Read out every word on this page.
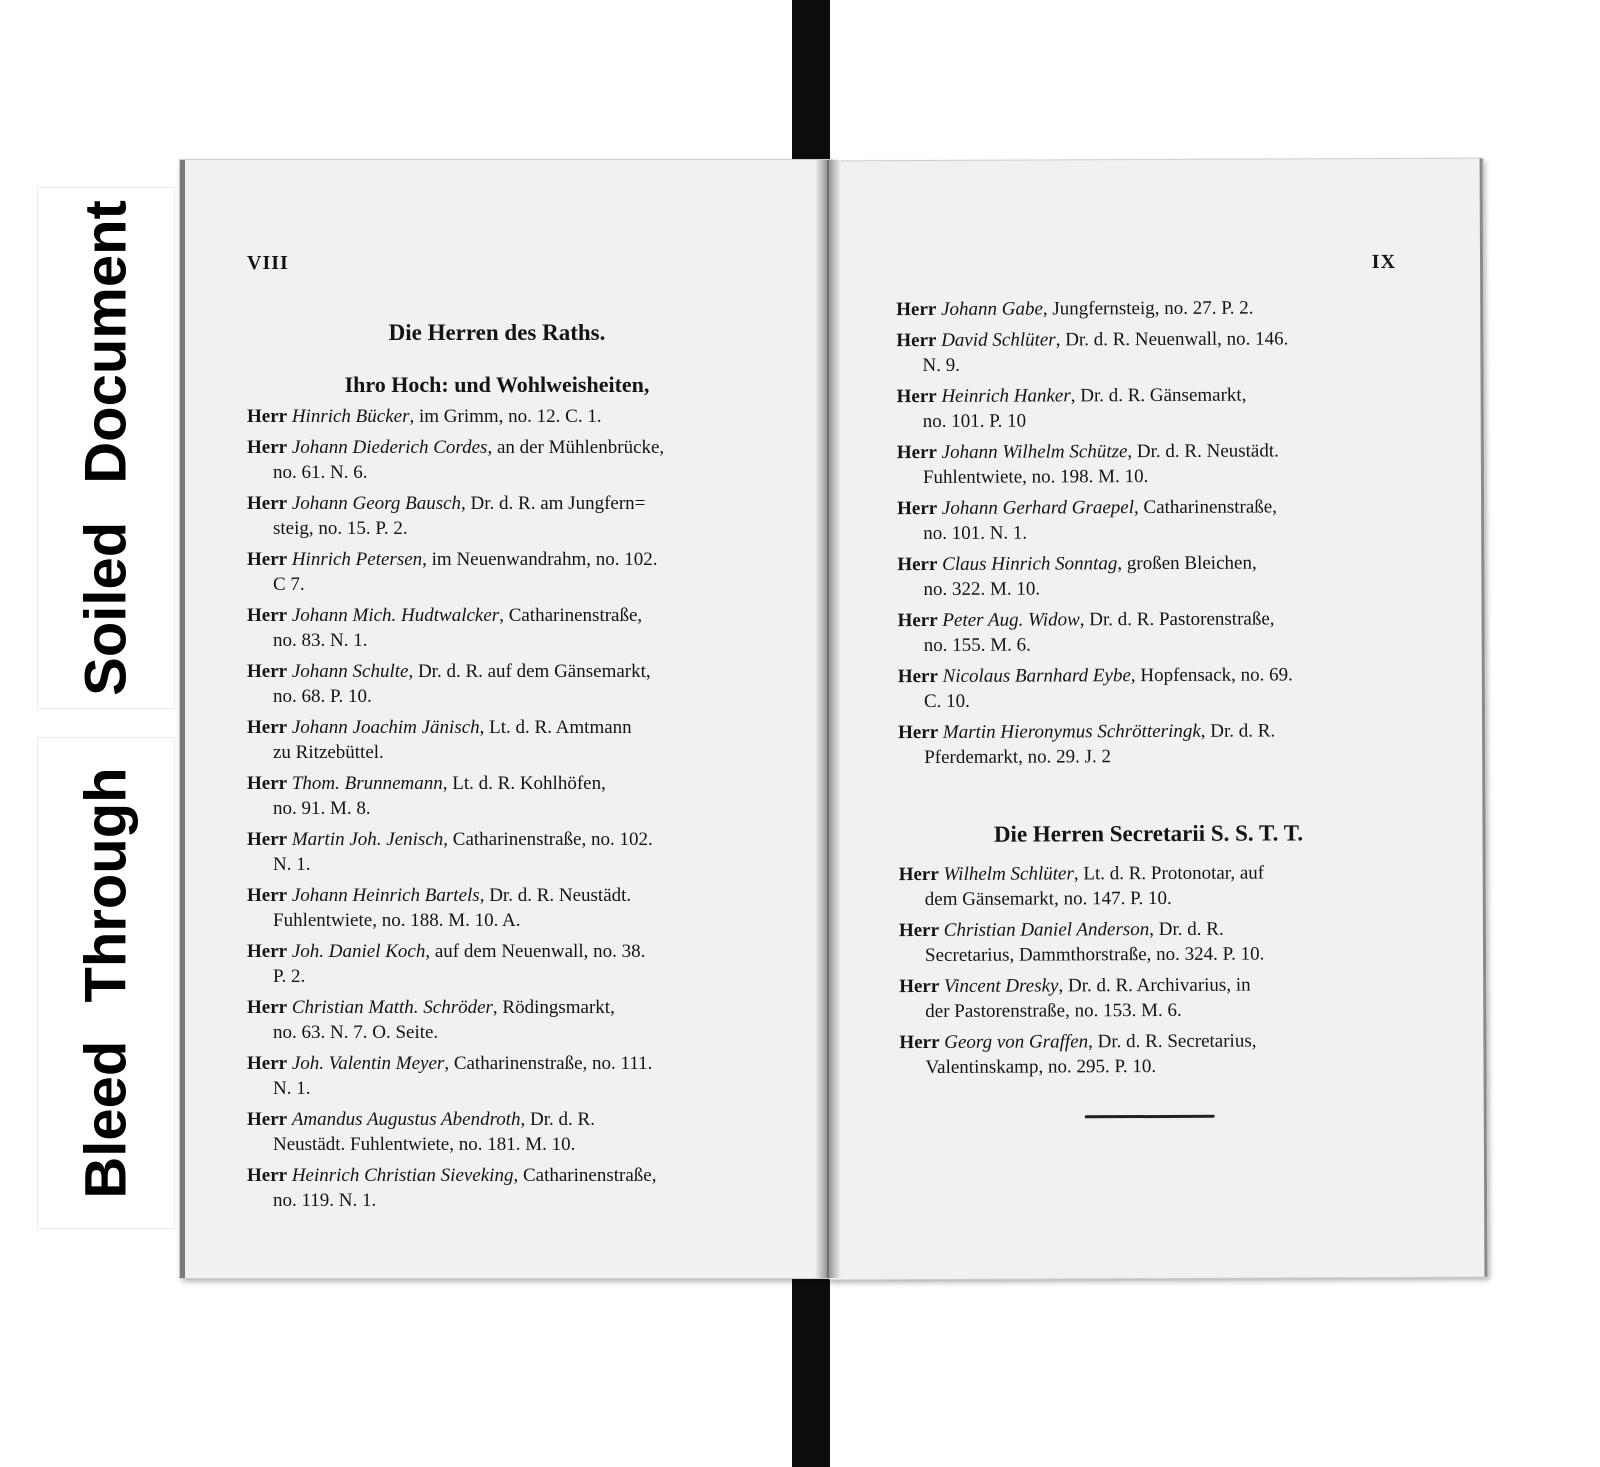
Soiled Document
Bleed Through
VIII
Die Herren des Raths.
Ihro Hoch: und Wohlweisheiten,
Herr Hinrich Bücker, im Grimm, no. 12. C. 1.
Herr Johann Diederich Cordes, an der Mühlenbrücke,
no. 61. N. 6.
Herr Johann Georg Bausch, Dr. d. R. am Jungfern=
steig, no. 15. P. 2.
Herr Hinrich Petersen, im Neuenwandrahm, no. 102.
C 7.
Herr Johann Mich. Hudtwalcker, Catharinenstraße,
no. 83. N. 1.
Herr Johann Schulte, Dr. d. R. auf dem Gänsemarkt,
no. 68. P. 10.
Herr Johann Joachim Jänisch, Lt. d. R. Amtmann
zu Ritzebüttel.
Herr Thom. Brunnemann, Lt. d. R. Kohlhöfen,
no. 91. M. 8.
Herr Martin Joh. Jenisch, Catharinenstraße, no. 102.
N. 1.
Herr Johann Heinrich Bartels, Dr. d. R. Neustädt.
Fuhlentwiete, no. 188. M. 10. A.
Herr Joh. Daniel Koch, auf dem Neuenwall, no. 38.
P. 2.
Herr Christian Matth. Schröder, Rödingsmarkt,
no. 63. N. 7. O. Seite.
Herr Joh. Valentin Meyer, Catharinenstraße, no. 111.
N. 1.
Herr Amandus Augustus Abendroth, Dr. d. R.
Neustädt. Fuhlentwiete, no. 181. M. 10.
Herr Heinrich Christian Sieveking, Catharinenstraße,
no. 119. N. 1.
IX
Herr Johann Gabe, Jungfernsteig, no. 27. P. 2.
Herr David Schlüter, Dr. d. R. Neuenwall, no. 146.
N. 9.
Herr Heinrich Hanker, Dr. d. R. Gänsemarkt,
no. 101. P. 10
Herr Johann Wilhelm Schütze, Dr. d. R. Neustädt.
Fuhlentwiete, no. 198. M. 10.
Herr Johann Gerhard Graepel, Catharinenstraße,
no. 101. N. 1.
Herr Claus Hinrich Sonntag, großen Bleichen,
no. 322. M. 10.
Herr Peter Aug. Widow, Dr. d. R. Pastorenstraße,
no. 155. M. 6.
Herr Nicolaus Barnhard Eybe, Hopfensack, no. 69.
C. 10.
Herr Martin Hieronymus Schrötteringk, Dr. d. R.
Pferdemarkt, no. 29. J. 2
Die Herren Secretarii S. S. T. T.
Herr Wilhelm Schlüter, Lt. d. R. Protonotar, auf
dem Gänsemarkt, no. 147. P. 10.
Herr Christian Daniel Anderson, Dr. d. R.
Secretarius, Dammthorstraße, no. 324. P. 10.
Herr Vincent Dresky, Dr. d. R. Archivarius, in
der Pastorenstraße, no. 153. M. 6.
Herr Georg von Graffen, Dr. d. R. Secretarius,
Valentinskamp, no. 295. P. 10.
